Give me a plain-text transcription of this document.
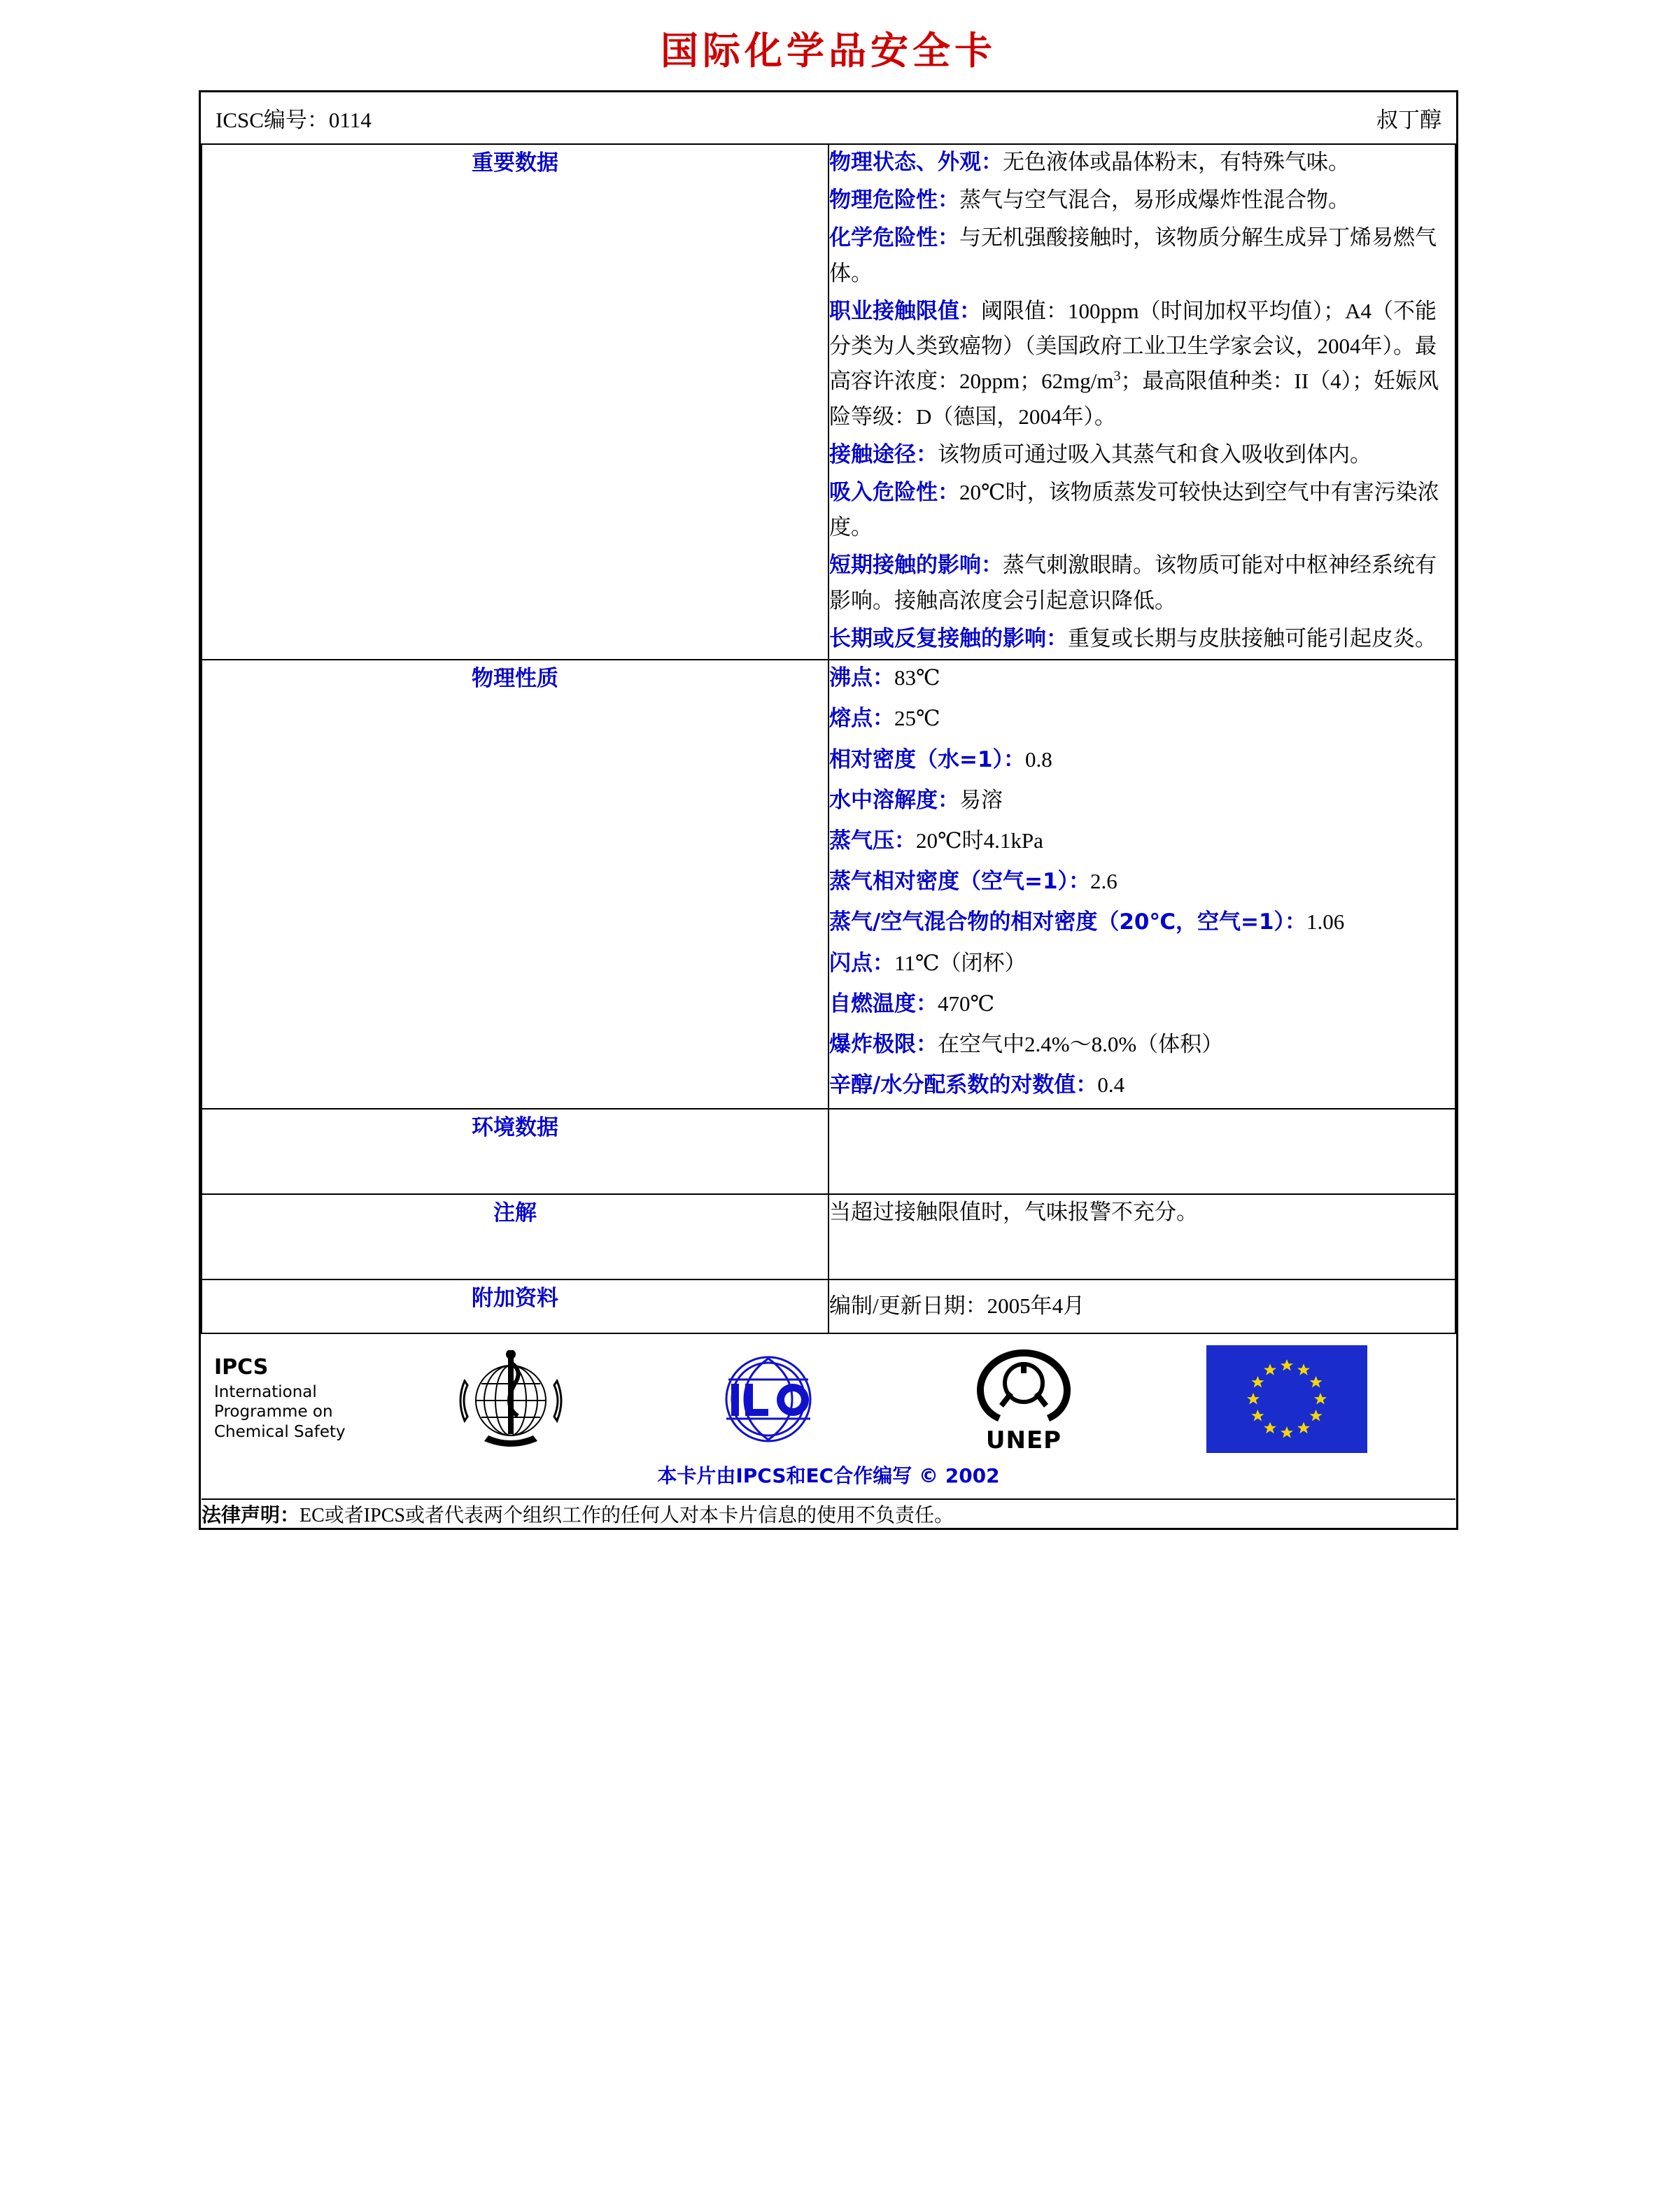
国际化学品安全卡
ICSC编号：0114 叔丁醇	

重要数据	物理状态、外观：无色液体或晶体粉末，有特殊气味。

物理危险性：蒸气与空气混合，易形成爆炸性混合物。

化学危险性：与无机强酸接触时，该物质分解生成异丁烯易燃气体。

职业接触限值：阈限值：100ppm（时间加权平均值）；A4（不能分类为人类致癌物）（美国政府工业卫生学家会议，2004年）。最高容许浓度：20ppm；$62mg/m^3$；最高限值种类：II（4）；妊娠风险等级：D（德国，2004年）。

接触途径：该物质可通过吸入其蒸气和食入吸收到体内。

吸入危险性：20℃时，该物质蒸发可较快达到空气中有害污染浓度。

短期接触的影响：蒸气刺激眼睛。该物质可能对中枢神经系统有影响。接触高浓度会引起意识降低。

长期或反复接触的影响：重复或长期与皮肤接触可能引起皮炎。

物理性质	沸点：83℃

熔点：25℃

相对密度（水=1）：0.8

水中溶解度：易溶

蒸气压：20℃时4.1kPa

蒸气相对密度（空气=1）：2.6

蒸气/空气混合物的相对密度（20℃，空气=1）：1.06

闪点：11℃（闭杯）

自燃温度：470℃

爆炸极限：在空气中2.4%～8.0%（体积）

辛醇/水分配系数的对数值：0.4

环境数据	
注解	当超过接触限值时，气味报警不充分。
附加资料	编制/更新日期：2005年4月

IPCS
International
Programme on
Chemical Safety	UNEP
本卡片由IPCS和EC合作编写 © 2002

法律声明：EC或者IPCS或者代表两个组织工作的任何人对本卡片信息的使用不负责任。	
